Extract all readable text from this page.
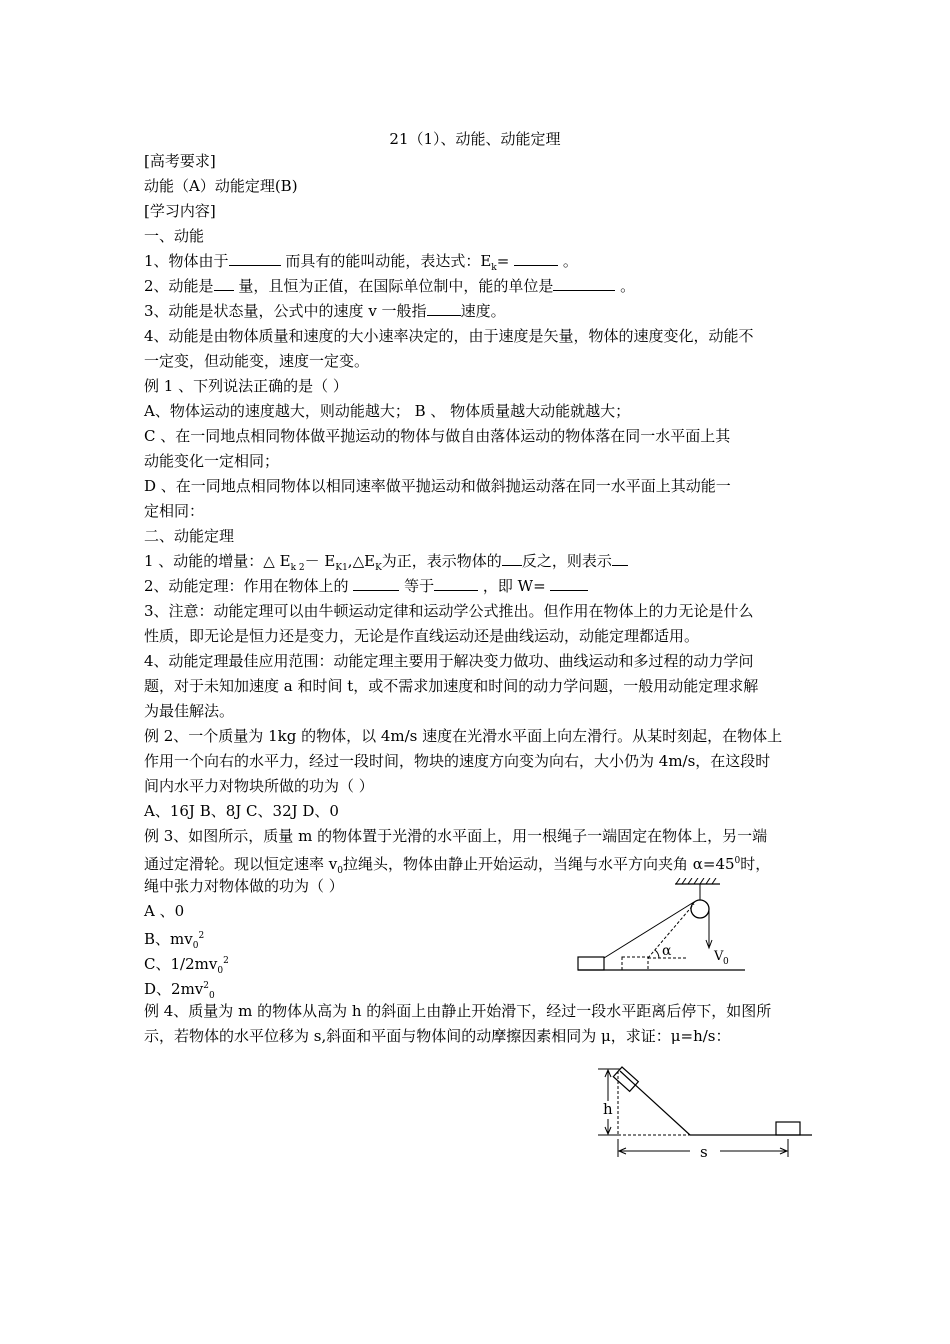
21（1）、动能、动能定理
[高考要求]
动能（A）动能定理(B)
[学习内容]
一、动能
1、物体由于	而具有的能叫动能，表达式：$E_k=$	。
2、动能是 量，且恒为正值，在国际单位制中，能的单位是	。
3、动能是状态量，公式中的速度 v 一般指 速度。
4、动能是由物体质量和速度的大小速率决定的，由于速度是矢量，物体的速度变化，动能不
一定变，但动能变，速度一定变。
例 1 、下列说法正确的是（ ）
A、物体运动的速度越大，则动能越大； B 、 物体质量越大动能就越大；
C 、在一同地点相同物体做平抛运动的物体与做自由落体运动的物体落在同一水平面上其
动能变化一定相同；
D 、在一同地点相同物体以相同速率做平抛运动和做斜抛运动落在同一水平面上其动能一
定相同：
二、动能定理
1 、动能的增量：△ $E_{k 2}-$ $E_{K1},\triangle E_K$为正，表示物体的 反之，则表示
2、动能定理：作用在物体上的	等于	，即 W=
3、注意：动能定理可以由牛顿运动定律和运动学公式推出。但作用在物体上的力无论是什么
性质，即无论是恒力还是变力，无论是作直线运动还是曲线运动，动能定理都适用。
4、动能定理最佳应用范围：动能定理主要用于解决变力做功、曲线运动和多过程的动力学问
题，对于未知加速度 a 和时间 t，或不需求加速度和时间的动力学问题，一般用动能定理求解
为最佳解法。
例 2、一个质量为 1kg 的物体，以 4m/s 速度在光滑水平面上向左滑行。从某时刻起，在物体上
作用一个向右的水平力，经过一段时间，物块的速度方向变为向右，大小仍为 4m/s，在这段时
间内水平力对物块所做的功为（ ）
A、16J B、8J C、32J D、0
例 3、如图所示，质量 m 的物体置于光滑的水平面上，用一根绳子一端固定在物体上，另一端
通过定滑轮。现以恒定速率 $v_0$拉绳头，物体由静止开始运动，当绳与水平方向夹角 $\alpha=45^0$时，
绳中张力对物体做的功为（ ）
A 、0
B、$mv_0^2$
C、$1/2mv_0^2$
D、$2mv^2_0$
例 4、质量为 m 的物体从高为 h 的斜面上由静止开始滑下，经过一段水平距离后停下，如图所
示，若物体的水平位移为 s,斜面和平面与物体间的动摩擦因素相同为 μ，求证：μ=h/s：
α	V 0
h
s
